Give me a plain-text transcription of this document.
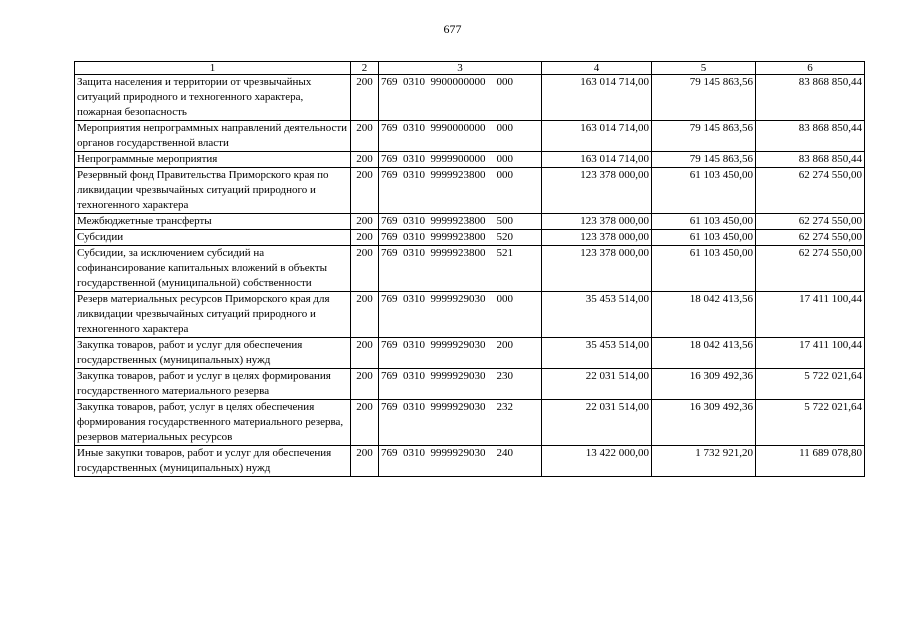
677
1	2	3	4	5	6
Защита населения и территории от чрезвычайных ситуаций природного и техногенного характера, пожарная безопасность	200	769  0310  9900000000    000	163 014 714,00	79 145 863,56	83 868 850,44
Мероприятия непрограммных направлений деятельности органов государственной власти	200	769  0310  9990000000    000	163 014 714,00	79 145 863,56	83 868 850,44
Непрограммные мероприятия	200	769  0310  9999900000    000	163 014 714,00	79 145 863,56	83 868 850,44
Резервный фонд Правительства Приморского края по ликвидации чрезвычайных ситуаций природного и техногенного характера	200	769  0310  9999923800    000	123 378 000,00	61 103 450,00	62 274 550,00
Межбюджетные трансферты	200	769  0310  9999923800    500	123 378 000,00	61 103 450,00	62 274 550,00
Субсидии	200	769  0310  9999923800    520	123 378 000,00	61 103 450,00	62 274 550,00
Субсидии, за исключением субсидий на софинансирование капитальных вложений в объекты государственной (муниципальной) собственности	200	769  0310  9999923800    521	123 378 000,00	61 103 450,00	62 274 550,00
Резерв материальных ресурсов Приморского края для ликвидации чрезвычайных ситуаций природного и техногенного характера	200	769  0310  9999929030    000	35 453 514,00	18 042 413,56	17 411 100,44
Закупка товаров, работ и услуг для обеспечения государственных (муниципальных) нужд	200	769  0310  9999929030    200	35 453 514,00	18 042 413,56	17 411 100,44
Закупка товаров, работ и услуг в целях формирования государственного материального резерва	200	769  0310  9999929030    230	22 031 514,00	16 309 492,36	5 722 021,64
Закупка товаров, работ, услуг в целях обеспечения формирования государственного материального резерва, резервов материальных ресурсов	200	769  0310  9999929030    232	22 031 514,00	16 309 492,36	5 722 021,64
Иные закупки товаров, работ и услуг для обеспечения государственных (муниципальных) нужд	200	769  0310  9999929030    240	13 422 000,00	1 732 921,20	11 689 078,80
